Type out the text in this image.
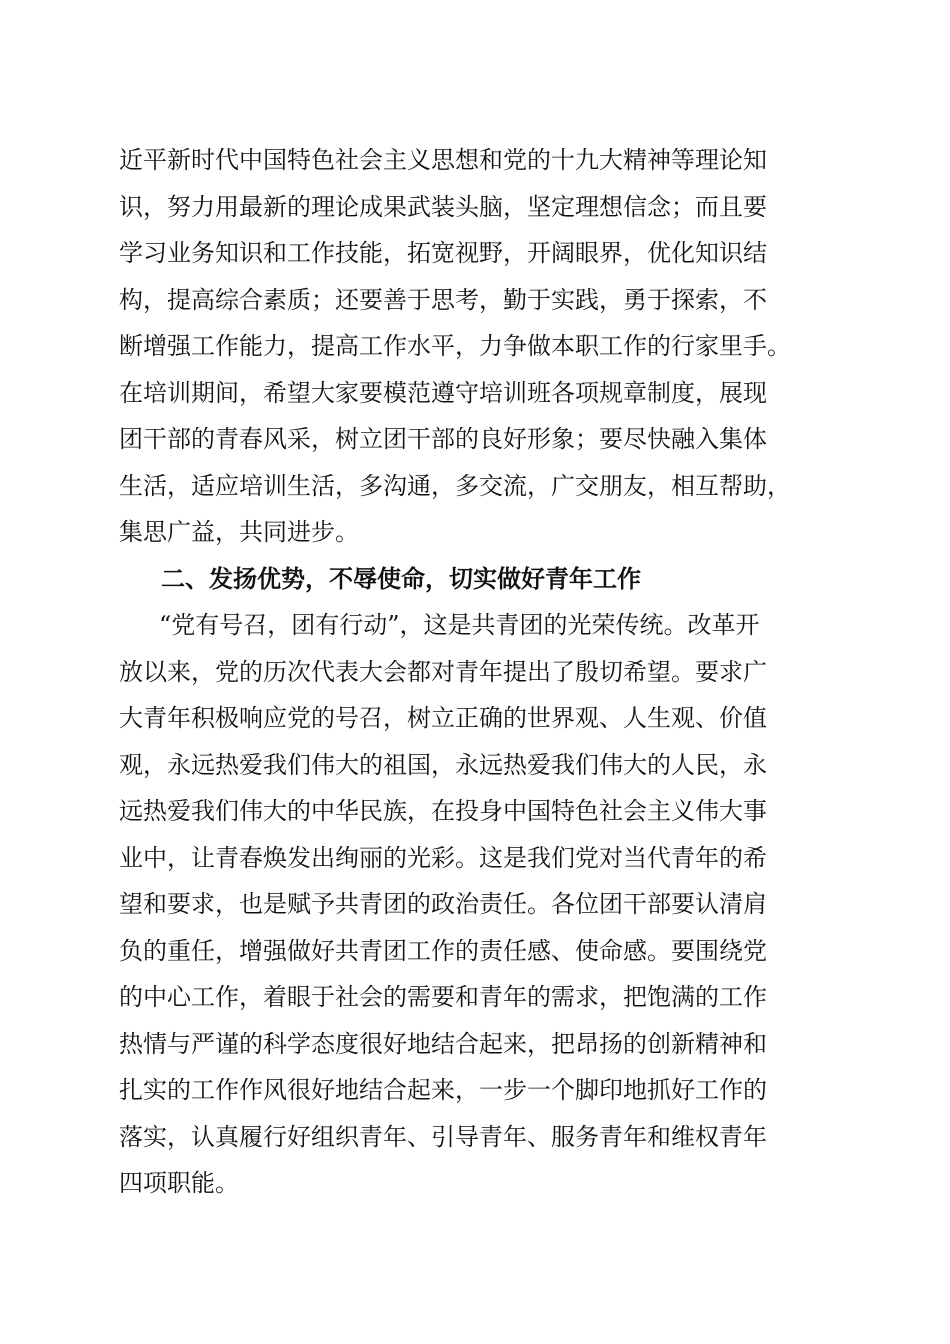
近平新时代中国特色社会主义思想和党的十九大精神等理论知
识，努力用最新的理论成果武装头脑，坚定理想信念；而且要
学习业务知识和工作技能，拓宽视野，开阔眼界，优化知识结
构，提高综合素质；还要善于思考，勤于实践，勇于探索，不
断增强工作能力，提高工作水平，力争做本职工作的行家里手。
在培训期间，希望大家要模范遵守培训班各项规章制度，展现
团干部的青春风采，树立团干部的良好形象；要尽快融入集体
生活，适应培训生活，多沟通，多交流，广交朋友，相互帮助，
集思广益，共同进步。
二、发扬优势，不辱使命，切实做好青年工作
“党有号召，团有行动”，这是共青团的光荣传统。改革开
放以来，党的历次代表大会都对青年提出了殷切希望。要求广
大青年积极响应党的号召，树立正确的世界观、人生观、价值
观，永远热爱我们伟大的祖国，永远热爱我们伟大的人民，永
远热爱我们伟大的中华民族，在投身中国特色社会主义伟大事
业中，让青春焕发出绚丽的光彩。这是我们党对当代青年的希
望和要求，也是赋予共青团的政治责任。各位团干部要认清肩
负的重任，增强做好共青团工作的责任感、使命感。要围绕党
的中心工作，着眼于社会的需要和青年的需求，把饱满的工作
热情与严谨的科学态度很好地结合起来，把昂扬的创新精神和
扎实的工作作风很好地结合起来，一步一个脚印地抓好工作的
落实，认真履行好组织青年、引导青年、服务青年和维权青年
四项职能。
